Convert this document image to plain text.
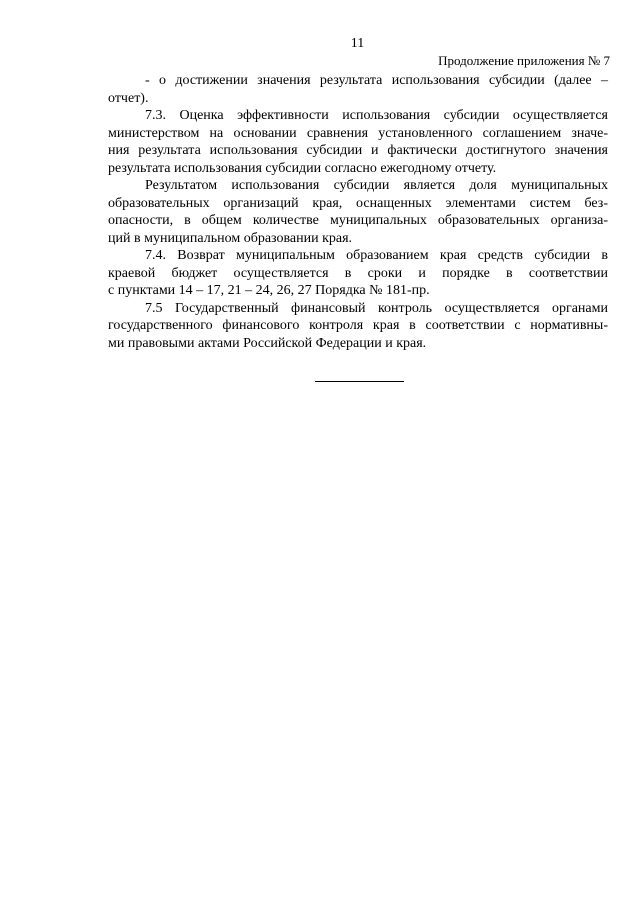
11
Продолжение приложения № 7
- о достижении значения результата использования субсидии (далее –
отчет).
7.3. Оценка эффективности использования субсидии осуществляется
министерством на основании сравнения установленного соглашением значе-
ния результата использования субсидии и фактически достигнутого значения
результата использования субсидии согласно ежегодному отчету.
Результатом использования субсидии является доля муниципальных
образовательных организаций края, оснащенных элементами систем без-
опасности, в общем количестве муниципальных образовательных организа-
ций в муниципальном образовании края.
7.4. Возврат муниципальным образованием края средств субсидии в
краевой бюджет осуществляется в сроки и порядке в соответствии
с пунктами 14 – 17, 21 – 24, 26, 27 Порядка № 181-пр.
7.5 Государственный финансовый контроль осуществляется органами
государственного финансового контроля края в соответствии с нормативны-
ми правовыми актами Российской Федерации и края.
